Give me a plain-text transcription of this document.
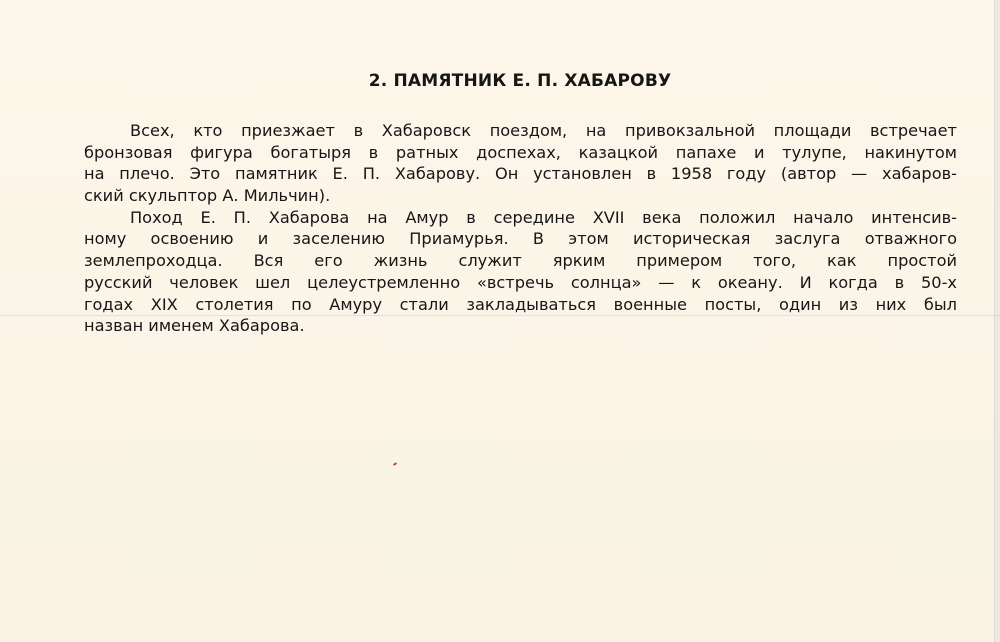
2. ПАМЯТНИК Е. П. ХАБАРОВУ
Всех, кто приезжает в Хабаровск поездом, на привокзальной площади встречает
бронзовая фигура богатыря в ратных доспехах, казацкой папахе и тулупе, накинутом
на плечо. Это памятник Е. П. Хабарову. Он установлен в 1958 году (автор — хабаров-
ский скульптор А. Мильчин).
Поход Е. П. Хабарова на Амур в середине XVII века положил начало интенсив-
ному освоению и заселению Приамурья. В этом историческая заслуга отважного
землепроходца. Вся его жизнь служит ярким примером того, как простой
русский человек шел целеустремленно «встречь солнца» — к океану. И когда в 50-х
годах XIX столетия по Амуру стали закладываться военные посты, один из них был
назван именем Хабарова.
